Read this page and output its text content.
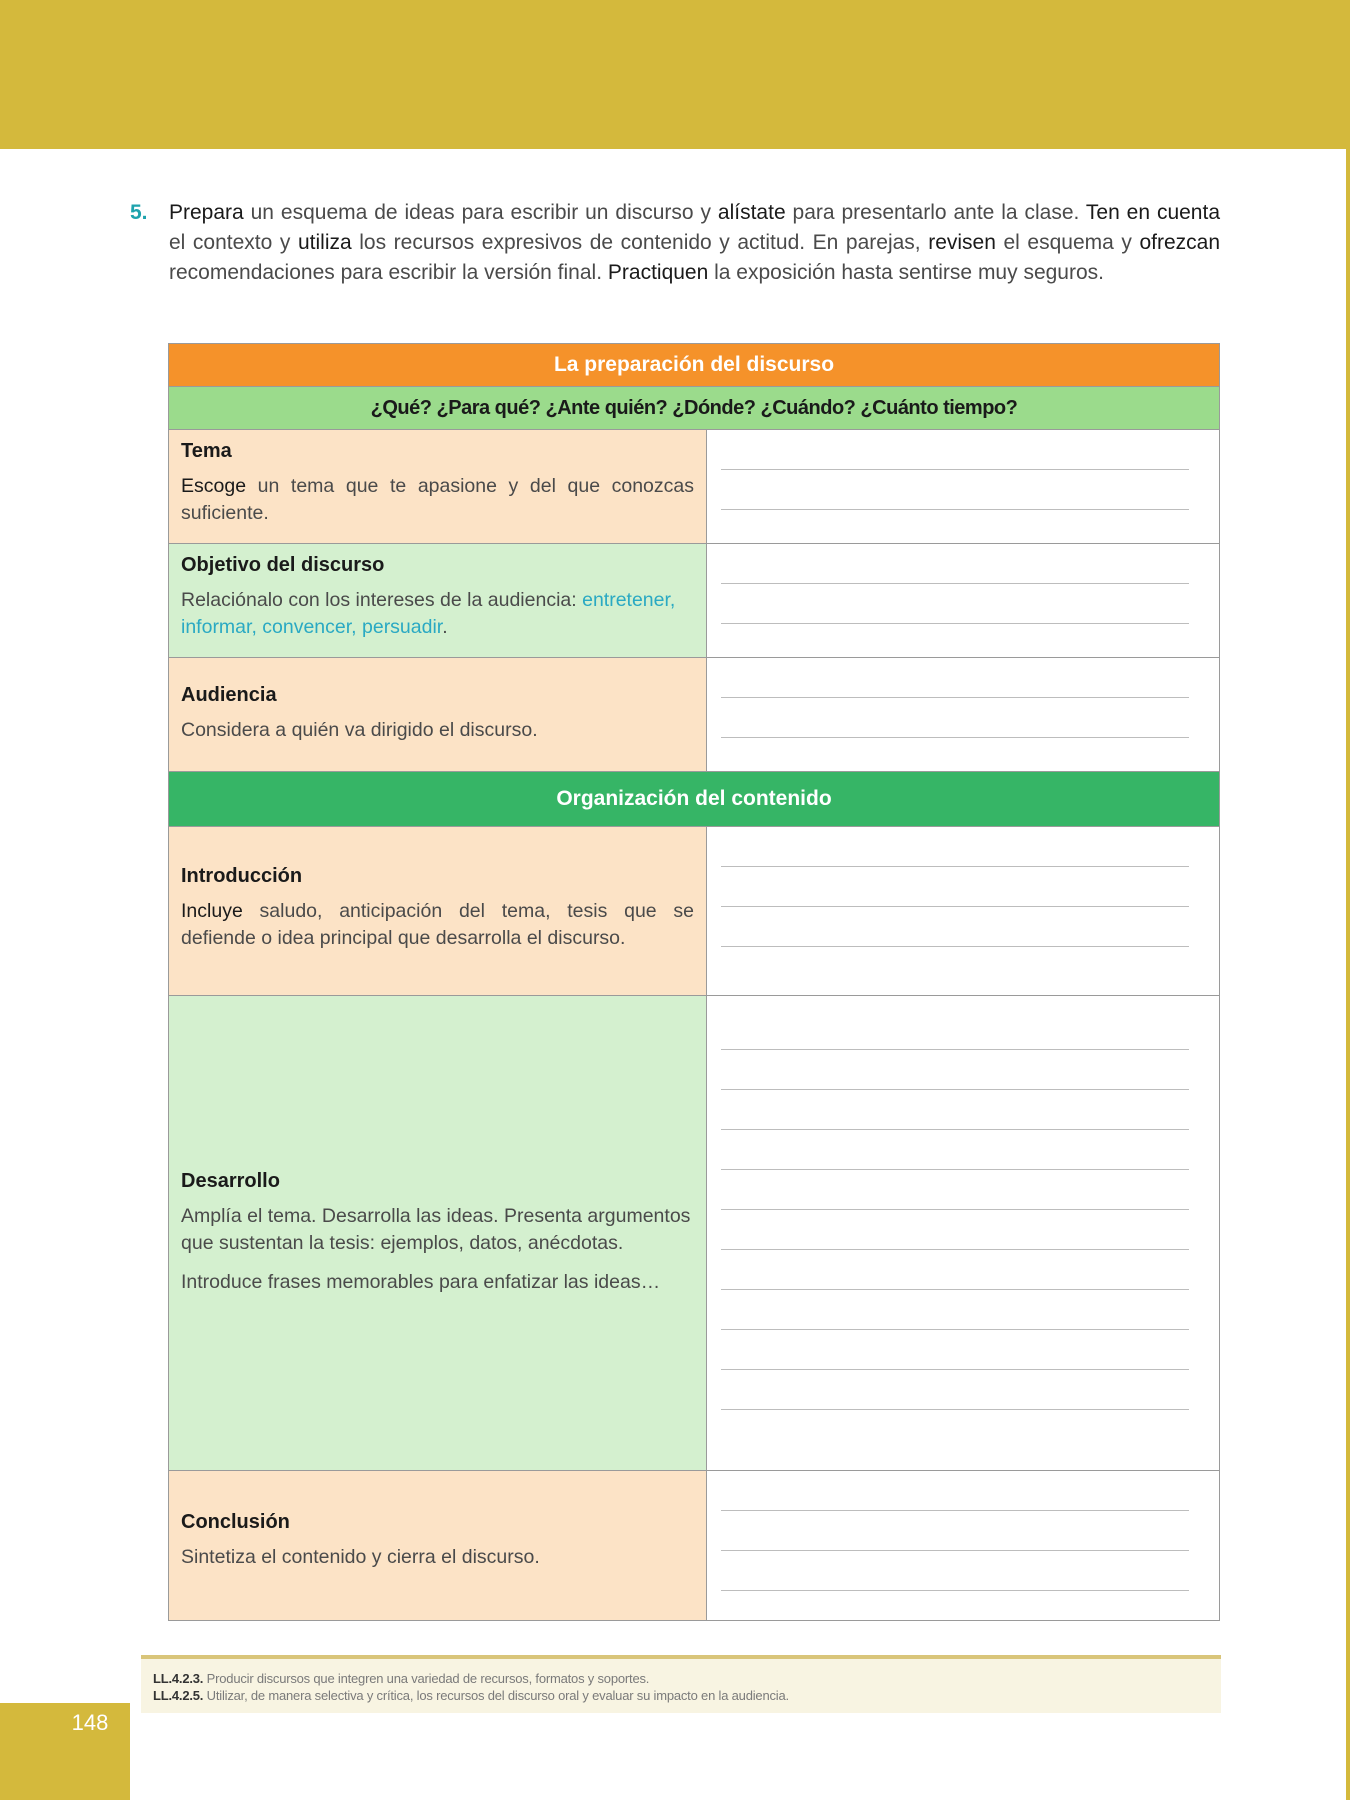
5. Prepara un esquema de ideas para escribir un discurso y alístate para presentarlo ante la clase. Ten en cuenta el contexto y utiliza los recursos expresivos de contenido y actitud. En parejas, revisen el esquema y ofrezcan recomendaciones para escribir la versión final. Practiquen la exposición hasta sentirse muy seguros.
La preparación del discurso	
¿Qué? ¿Para qué? ¿Ante quién? ¿Dónde? ¿Cuándo? ¿Cuánto tiempo?	

Tema

Escoge un tema que te apasione y del que conozcas suficiente.	

Objetivo del discurso

Relaciónalo con los intereses de la audiencia: entretener, informar, convencer, persuadir.	

Audiencia

Considera a quién va dirigido el discurso.	

Organización del contenido	

Introducción

Incluye saludo, anticipación del tema, tesis que se defiende o idea principal que desarrolla el discurso.	

Desarrollo

Amplía el tema. Desarrolla las ideas. Presenta argumentos que sustentan la tesis: ejemplos, datos, anécdotas.

Introduce frases memorables para enfatizar las ideas…	

Conclusión

Sintetiza el contenido y cierra el discurso.	

LL.4.2.3. Producir discursos que integren una variedad de recursos, formatos y soportes.
LL.4.2.5. Utilizar, de manera selectiva y crítica, los recursos del discurso oral y evaluar su impacto en la audiencia.
148
